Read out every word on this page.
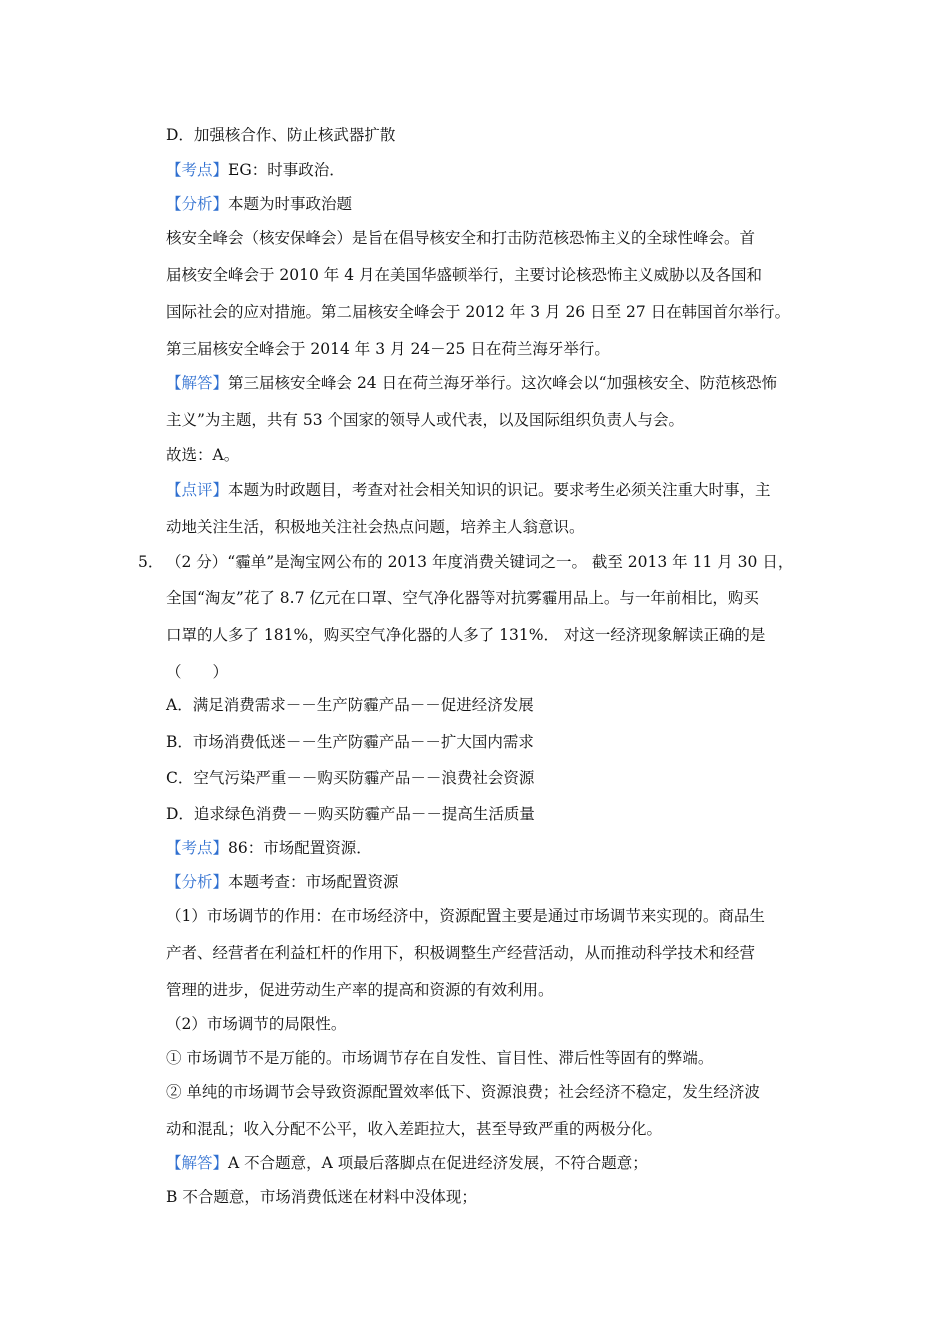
D．加强核合作、防止核武器扩散
【考点】EG：时事政治．
【分析】本题为时事政治题
核安全峰会（核安保峰会）是旨在倡导核安全和打击防范核恐怖主义的全球性峰会。首
届核安全峰会于 2010 年 4 月在美国华盛顿举行，主要讨论核恐怖主义威胁以及各国和
国际社会的应对措施。第二届核安全峰会于 2012 年 3 月 26 日至 27 日在韩国首尔举行。
第三届核安全峰会于 2014 年 3 月 24－25 日在荷兰海牙举行。
【解答】第三届核安全峰会 24 日在荷兰海牙举行。这次峰会以“加强核安全、防范核恐怖
主义”为主题，共有 53 个国家的领导人或代表，以及国际组织负责人与会。
故选：A。
【点评】本题为时政题目，考查对社会相关知识的识记。要求考生必须关注重大时事，主
动地关注生活，积极地关注社会热点问题，培养主人翁意识。
5． （2 分）“霾单”是淘宝网公布的 2013 年度消费关键词之一。 截至 2013 年 11 月 30 日，
全国“淘友”花了 8.7 亿元在口罩、空气净化器等对抗雾霾用品上。与一年前相比，购买
口罩的人多了 181%，购买空气净化器的人多了 131%． 对这一经济现象解读正确的是
（　　）
A．满足消费需求－－生产防霾产品－－促进经济发展
B．市场消费低迷－－生产防霾产品－－扩大国内需求
C．空气污染严重－－购买防霾产品－－浪费社会资源
D．追求绿色消费－－购买防霾产品－－提高生活质量
【考点】86：市场配置资源．
【分析】本题考查：市场配置资源
（1）市场调节的作用：在市场经济中，资源配置主要是通过市场调节来实现的。商品生
产者、经营者在利益杠杆的作用下，积极调整生产经营活动，从而推动科学技术和经营
管理的进步，促进劳动生产率的提高和资源的有效利用。
（2）市场调节的局限性。
① 市场调节不是万能的。市场调节存在自发性、盲目性、滞后性等固有的弊端。
② 单纯的市场调节会导致资源配置效率低下、资源浪费；社会经济不稳定，发生经济波
动和混乱；收入分配不公平，收入差距拉大，甚至导致严重的两极分化。
【解答】A 不合题意，A 项最后落脚点在促进经济发展，不符合题意；
B 不合题意，市场消费低迷在材料中没体现；
